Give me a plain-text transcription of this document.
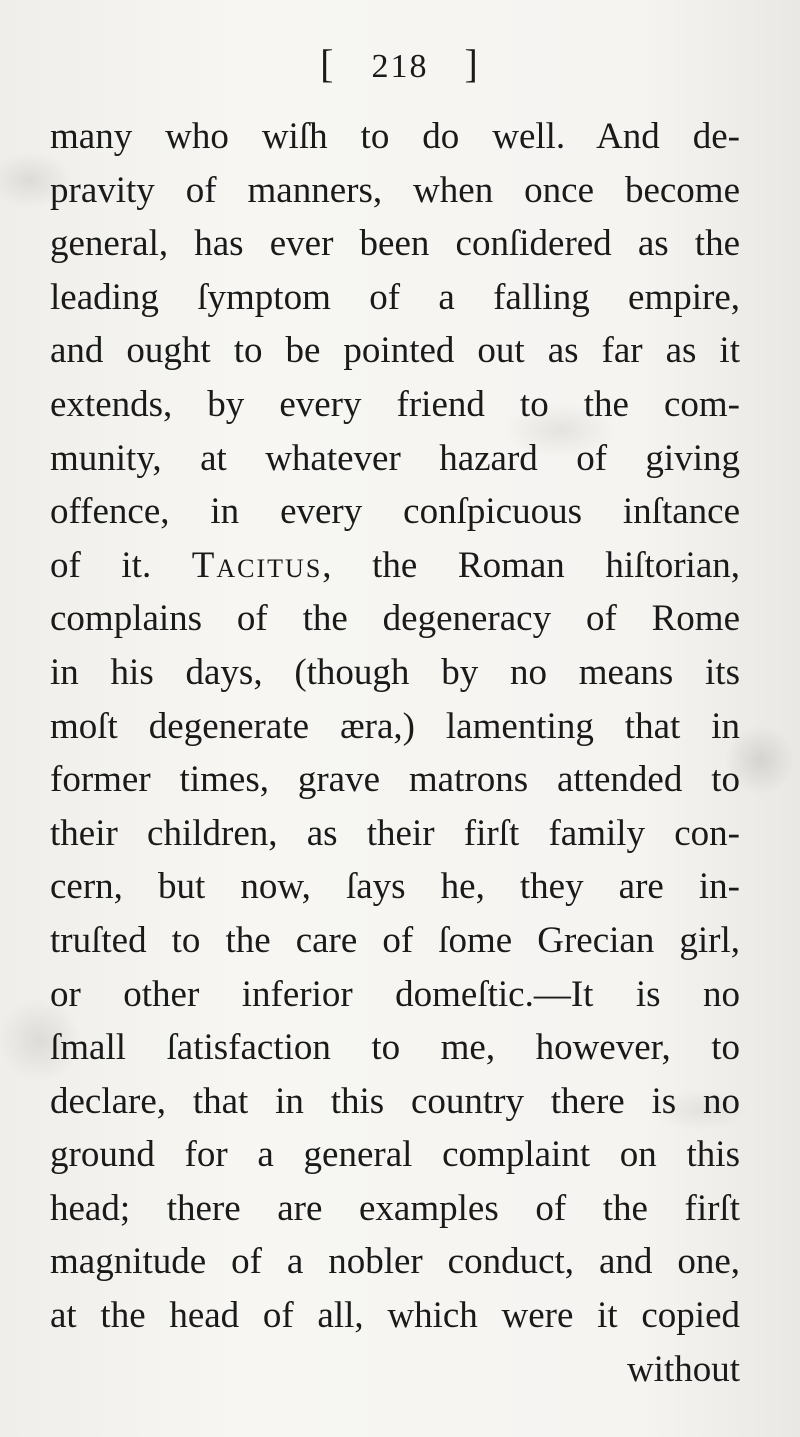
[ 218 ]
many who wiſh to do well. And de-
pravity of manners, when once become
general, has ever been conſidered as the
leading ſymptom of a falling empire,
and ought to be pointed out as far as it
extends, by every friend to the com-
munity, at whatever hazard of giving
offence, in every conſpicuous inſtance
of it. Tacitus, the Roman hiſtorian,
complains of the degeneracy of Rome
in his days, (though by no means its
moſt degenerate æra,) lamenting that in
former times, grave matrons attended to
their children, as their firſt family con-
cern, but now, ſays he, they are in-
truſted to the care of ſome Grecian girl,
or other inferior domeſtic.—It is no
ſmall ſatisfaction to me, however, to
declare, that in this country there is no
ground for a general complaint on this
head; there are examples of the firſt
magnitude of a nobler conduct, and one,
at the head of all, which were it copied
without
